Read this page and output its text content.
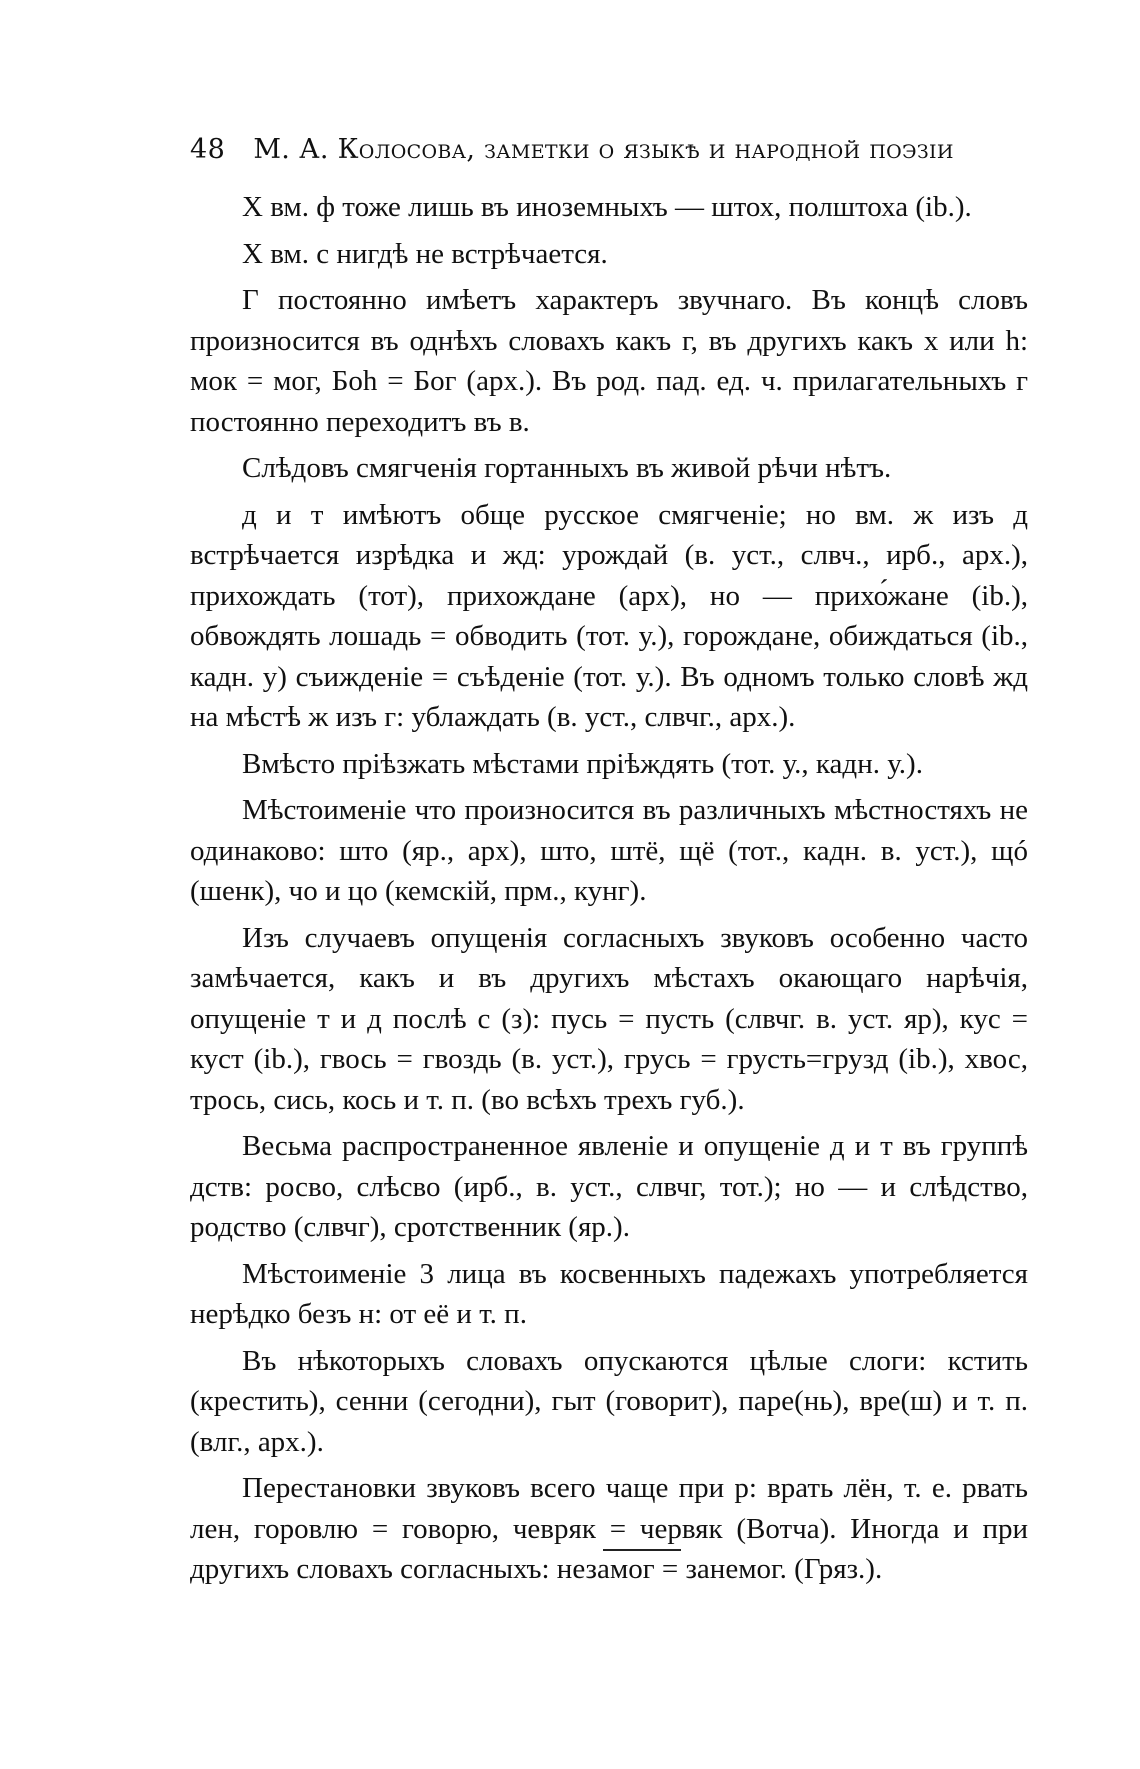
48 М. А. Колосова, заметки о языкѣ и народной поэзіи

Х вм. ф тоже лишь въ иноземныхъ — штох, полштоха (ib.).

Х вм. с нигдѣ не встрѣчается.

Г постоянно имѣетъ характеръ звучнаго. Въ концѣ словъ произносится въ однѣхъ словахъ какъ г, въ другихъ какъ х или h: мок = мог, Боh = Бог (арх.). Въ род. пад. ед. ч. прилагательныхъ г постоянно переходитъ въ в.

Слѣдовъ смягченія гортанныхъ въ живой рѣчи нѣтъ.

д и т имѣютъ обще русское смягченіе; но вм. ж изъ д встрѣчается изрѣдка и жд: урождай (в. уст., слвч., ирб., арх.), прихождать (тот), прихождане (арх), но — прихо́жане (ib.), обвождять лошадь = обводить (тот. у.), горождане, обиждаться (ib., кадн. у) съижденіе = съѣденіе (тот. у.). Въ одномъ только словѣ жд на мѣстѣ ж изъ г: ублаждать (в. уст., слвчг., арх.).

Вмѣсто пріѣзжать мѣстами пріѣждять (тот. у., кадн. у.).

Мѣстоименіе что произносится въ различныхъ мѣстностяхъ не одинаково: што (яр., арх), што, штё, щё (тот., кадн. в. уст.), щó (шенк), чо и цо (кемскій, прм., кунг).

Изъ случаевъ опущенія согласныхъ звуковъ особенно часто замѣчается, какъ и въ другихъ мѣстахъ окающаго нарѣчія, опущеніе т и д послѣ с (з): пусь = пусть (слвчг. в. уст. яр), кус = куст (ib.), гвось = гвоздь (в. уст.), грусь = грусть=грузд (ib.), хвос, трось, сись, кось и т. п. (во всѣхъ трехъ губ.).

Весьма распространенное явленіе и опущеніе д и т въ группѣ дств: росво, слѣсво (ирб., в. уст., слвчг, тот.); но — и слѣдство, родство (слвчг), сротственник (яр.).

Мѣстоименіе 3 лица въ косвенныхъ падежахъ употребляется нерѣдко безъ н: от её и т. п.

Въ нѣкоторыхъ словахъ опускаются цѣлые слоги: кстить (крестить), сенни (сегодни), гыт (говорит), паре(нь), вре(ш) и т. п. (влг., арх.).

Перестановки звуковъ всего чаще при р: врать лён, т. е. рвать лен, горовлю = говорю, чевряк = червяк (Вотча). Иногда и при другихъ словахъ согласныхъ: незамог = занемог. (Гряз.).
